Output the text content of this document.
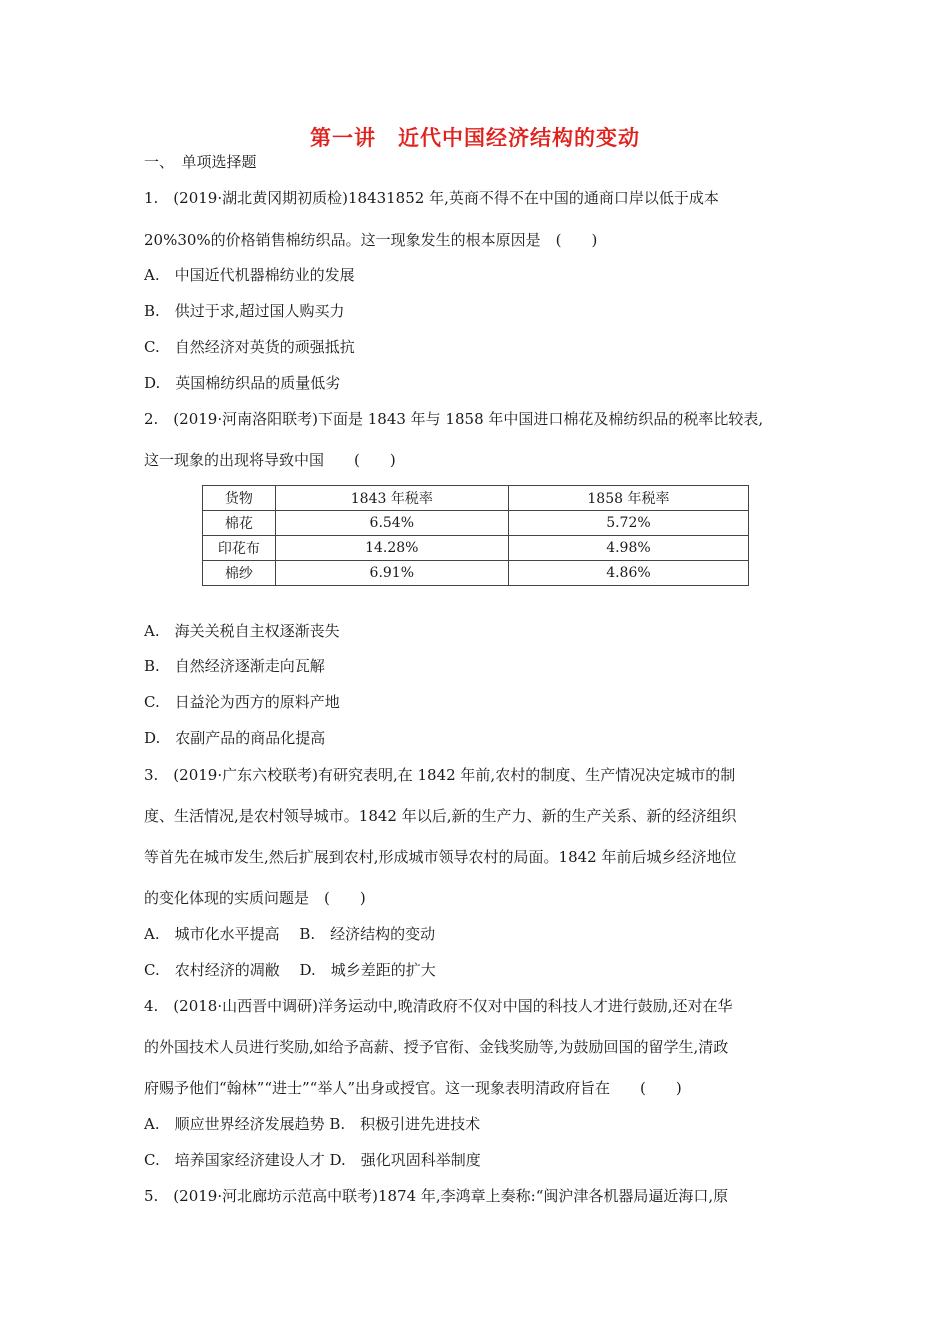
第一讲　近代中国经济结构的变动
一、　单项选择题
1.　(2019·湖北黄冈期初质检)18431852 年,英商不得不在中国的通商口岸以低于成本
20%30%的价格销售棉纺织品。这一现象发生的根本原因是　(　　)
A.　中国近代机器棉纺业的发展
B.　供过于求,超过国人购买力
C.　自然经济对英货的顽强抵抗
D.　英国棉纺织品的质量低劣
2.　(2019·河南洛阳联考)下面是 1843 年与 1858 年中国进口棉花及棉纺织品的税率比较表,
这一现象的出现将导致中国　　(　　)
货物	1843 年税率	1858 年税率
棉花	6.54%	5.72%
印花布	14.28%	4.98%
棉纱	6.91%	4.86%
A.　海关关税自主权逐渐丧失
B.　自然经济逐渐走向瓦解
C.　日益沦为西方的原料产地
D.　农副产品的商品化提高
3.　(2019·广东六校联考)有研究表明,在 1842 年前,农村的制度、生产情况决定城市的制
度、生活情况,是农村领导城市。1842 年以后,新的生产力、新的生产关系、新的经济组织
等首先在城市发生,然后扩展到农村,形成城市领导农村的局面。1842 年前后城乡经济地位
的变化体现的实质问题是　(　　)
A.　城市化水平提高　 B.　经济结构的变动
C.　农村经济的凋敝　 D.　城乡差距的扩大
4.　(2018·山西晋中调研)洋务运动中,晚清政府不仅对中国的科技人才进行鼓励,还对在华
的外国技术人员进行奖励,如给予高薪、授予官衔、金钱奖励等,为鼓励回国的留学生,清政
府赐予他们“翰林”“进士”“举人”出身或授官。这一现象表明清政府旨在　　(　　)
A.　顺应世界经济发展趋势 B.　积极引进先进技术
C.　培养国家经济建设人才 D.　强化巩固科举制度
5.　(2019·河北廊坊示范高中联考)1874 年,李鸿章上奏称:“闽沪津各机器局逼近海口,原
